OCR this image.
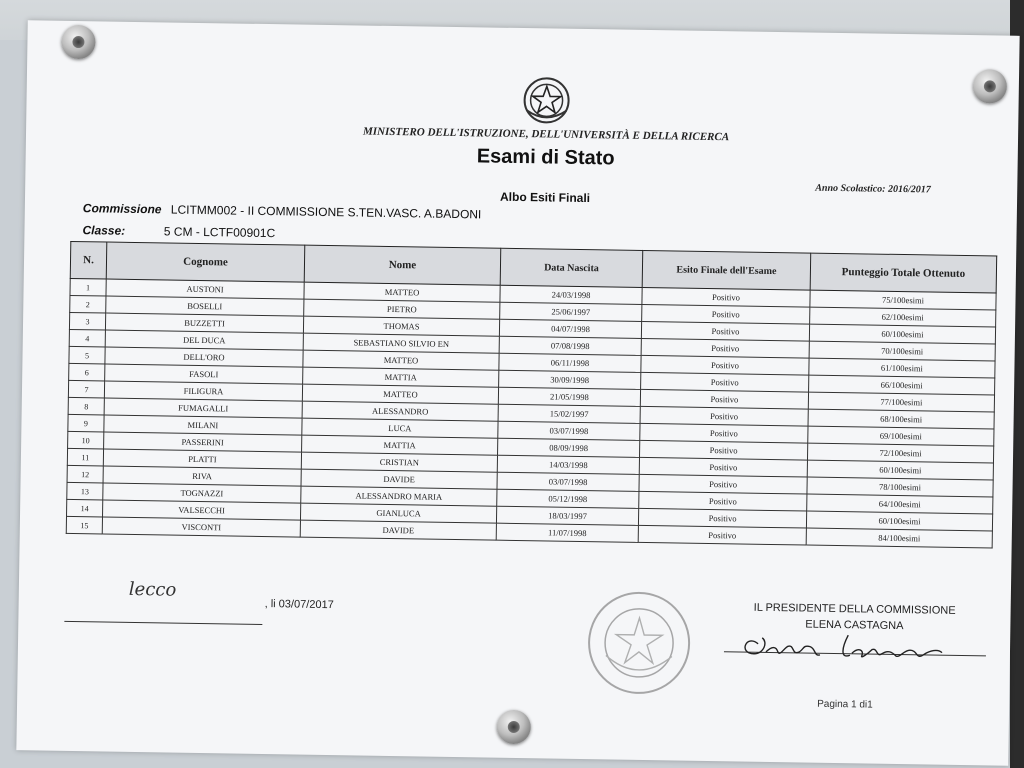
MINISTERO DELL'ISTRUZIONE, DELL'UNIVERSITÀ E DELLA RICERCA
Esami di Stato
Anno Scolastico: 2016/2017
Albo Esiti Finali
Commissione LCITMM002 - II COMMISSIONE S.TEN.VASC. A.BADONI
Classe:	5 CM - LCTF00901C
N.	Cognome	Nome	Data Nascita	Esito Finale dell'Esame	Punteggio Totale Ottenuto
1	AUSTONI	MATTEO	24/03/1998	Positivo	75/100esimi
2	BOSELLI	PIETRO	25/06/1997	Positivo	62/100esimi
3	BUZZETTI	THOMAS	04/07/1998	Positivo	60/100esimi
4	DEL DUCA	SEBASTIANO SILVIO EN	07/08/1998	Positivo	70/100esimi
5	DELL'ORO	MATTEO	06/11/1998	Positivo	61/100esimi
6	FASOLI	MATTIA	30/09/1998	Positivo	66/100esimi
7	FILIGURA	MATTEO	21/05/1998	Positivo	77/100esimi
8	FUMAGALLI	ALESSANDRO	15/02/1997	Positivo	68/100esimi
9	MILANI	LUCA	03/07/1998	Positivo	69/100esimi
10	PASSERINI	MATTIA	08/09/1998	Positivo	72/100esimi
11	PLATTI	CRISTIAN	14/03/1998	Positivo	60/100esimi
12	RIVA	DAVIDE	03/07/1998	Positivo	78/100esimi
13	TOGNAZZI	ALESSANDRO MARIA	05/12/1998	Positivo	64/100esimi
14	VALSECCHI	GIANLUCA	18/03/1997	Positivo	60/100esimi
15	VISCONTI	DAVIDE	11/07/1998	Positivo	84/100esimi
lecco
, li 03/07/2017	IL PRESIDENTE DELLA COMMISSIONE
ELENA CASTAGNA
Pagina 1 di1
